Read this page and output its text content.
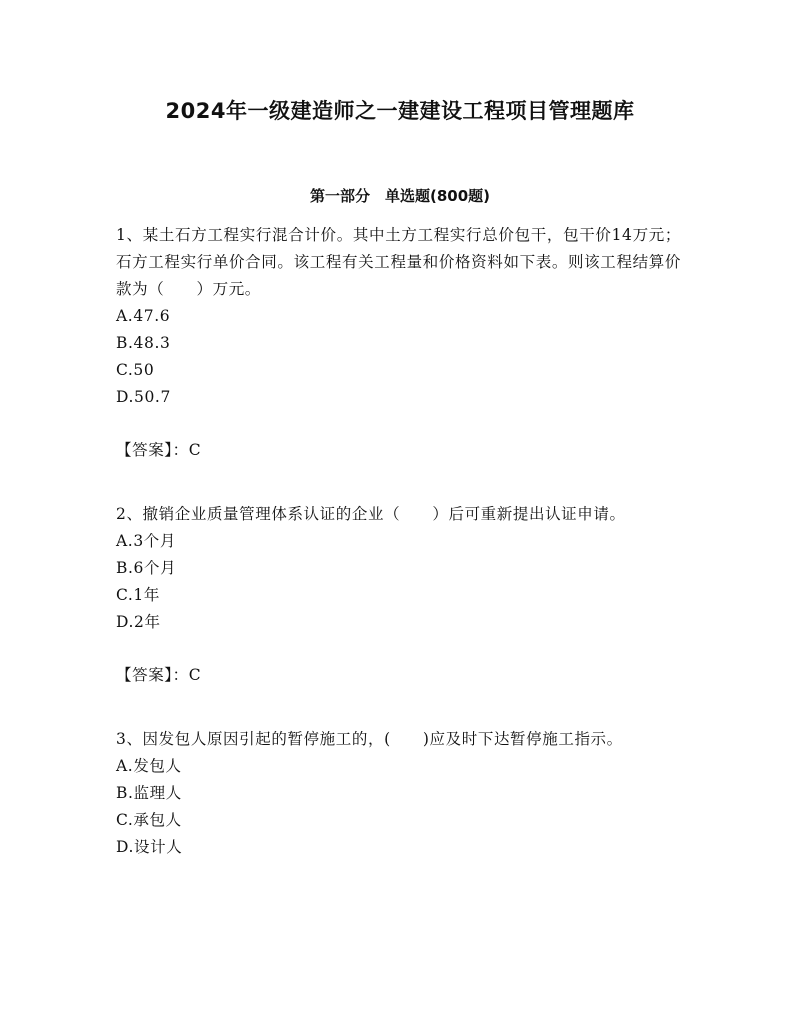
2024年一级建造师之一建建设工程项目管理题库
第一部分　单选题(800题)
1、某土石方工程实行混合计价。其中土方工程实行总价包干，包干价14万元；石方工程实行单价合同。该工程有关工程量和价格资料如下表。则该工程结算价款为（　　）万元。
A.47.6
B.48.3
C.50
D.50.7
【答案】：C
2、撤销企业质量管理体系认证的企业（　　）后可重新提出认证申请。
A.3个月
B.6个月
C.1年
D.2年
【答案】：C
3、因发包人原因引起的暂停施工的，(　　)应及时下达暂停施工指示。
A.发包人
B.监理人
C.承包人
D.设计人
